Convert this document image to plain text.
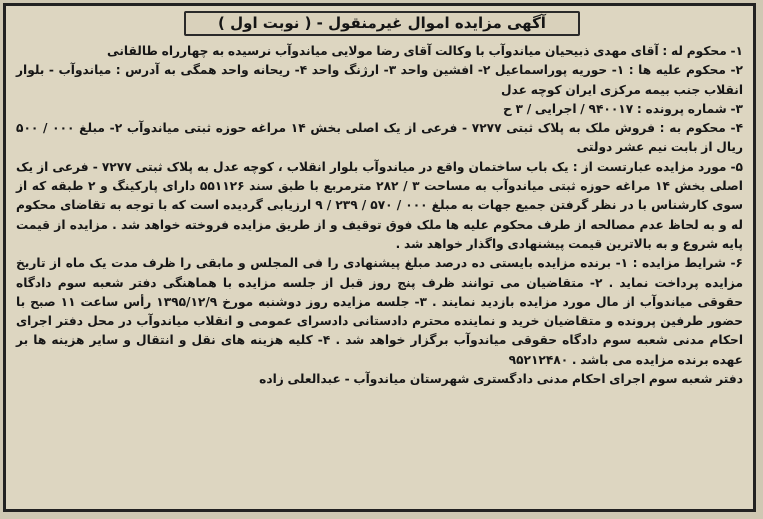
آگهی مزایده اموال غیرمنقول - ( نوبت اول )

۱- محکوم له : آقای مهدی ذبیحیان میاندوآب با وکالت آقای رضا مولایی میاندوآب نرسیده به چهارراه طالقانی

۲- محکوم علیه ها : ۱- حوریه پوراسماعیل ۲- افشین واحد ۳- ارژنگ واحد ۴- ریحانه واحد همگی به آدرس : میاندوآب - بلوار انقلاب جنب بیمه مرکزی ایران کوچه عدل

۳- شماره پرونده : ۹۴۰۰۱۷ / اجرایی / ۳ ح

۴- محکوم به : فروش ملک به پلاک ثبتی ۷۲۷۷ - فرعی از یک اصلی بخش ۱۴ مراغه حوزه ثبتی میاندوآب ۲- مبلغ ۰۰۰ / ۵۰۰ ریال از بابت نیم عشر دولتی

۵- مورد مزایده عبارتست از : یک باب ساختمان واقع در میاندوآب بلوار انقلاب ، کوچه عدل به پلاک ثبتی ۷۲۷۷ - فرعی از یک اصلی بخش ۱۴ مراغه حوزه ثبتی میاندوآب به مساحت ۳ / ۲۸۲ مترمربع با طبق سند ۵۵۱۱۲۶ دارای پارکینگ و ۲ طبقه که از سوی کارشناس با در نظر گرفتن جمیع جهات به مبلغ ۰۰۰ / ۵۷۰ / ۲۳۹ / ۹ ارزیابی گردیده است که با توجه به تقاضای محکوم له و به لحاظ عدم مصالحه از طرف محکوم علیه ها ملک فوق توقیف و از طریق مزایده فروخته خواهد شد . مزایده از قیمت پایه شروع و به بالاترین قیمت پیشنهادی واگذار خواهد شد .

۶- شرایط مزایده : ۱- برنده مزایده بایستی ده درصد مبلغ پیشنهادی را فی المجلس و مابقی را ظرف مدت یک ماه از تاریخ مزایده پرداخت نماید . ۲- متقاضیان می توانند ظرف پنج روز قبل از جلسه مزایده با هماهنگی دفتر شعبه سوم دادگاه حقوقی میاندوآب از مال مورد مزایده بازدید نمایند . ۳- جلسه مزایده روز دوشنبه مورخ ۱۳۹۵/۱۲/۹ رأس ساعت ۱۱ صبح با حضور طرفین پرونده و متقاضیان خرید و نماینده محترم دادستانی دادسرای عمومی و انقلاب میاندوآب در محل دفتر اجرای احکام مدنی شعبه سوم دادگاه حقوقی میاندوآب برگزار خواهد شد . ۴- کلیه هزینه های نقل و انتقال و سایر هزینه ها بر عهده برنده مزایده می باشد . ۹۵۲۱۲۴۸۰

دفتر شعبه سوم اجرای احکام مدنی دادگستری شهرستان میاندوآب - عبدالعلی زاده
